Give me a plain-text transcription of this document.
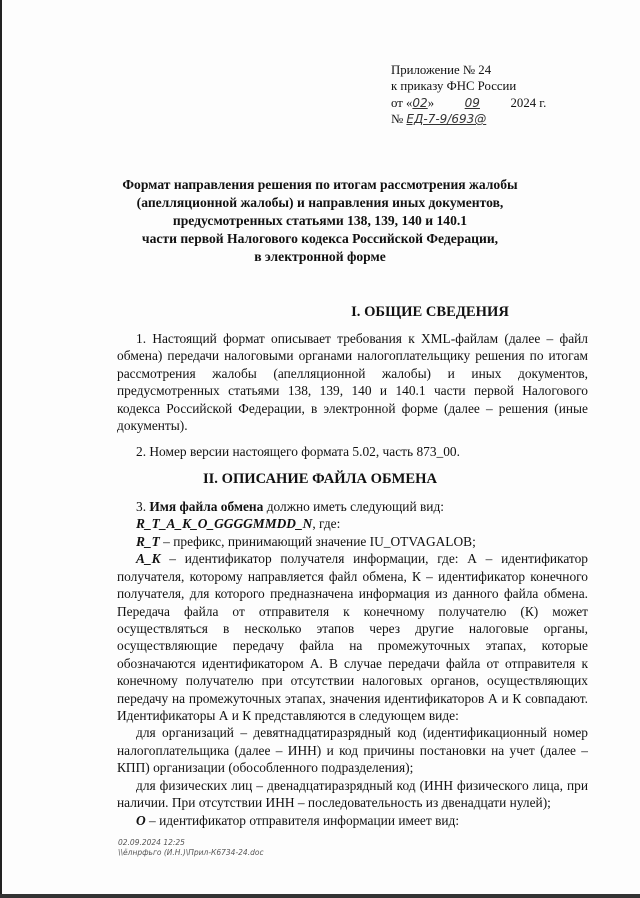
Приложение № 24
к приказу ФНС России
от «02»	09 2024 г.
№ ЕД-7-9/693@
Формат направления решения по итогам рассмотрения жалобы
(апелляционной жалобы) и направления иных документов,
предусмотренных статьями 138, 139, 140 и 140.1
части первой Налогового кодекса Российской Федерации,
в электронной форме
I. ОБЩИЕ СВЕДЕНИЯ

1. Настоящий формат описывает требования к XML-файлам (далее – файл обмена) передачи налоговыми органами налогоплательщику решения по итогам рассмотрения жалобы (апелляционной жалобы) и иных документов, предусмотренных статьями 138, 139, 140 и 140.1 части первой Налогового кодекса Российской Федерации, в электронной форме (далее – решения (иные документы).

2. Номер версии настоящего формата 5.02, часть 873_00.

II. ОПИСАНИЕ ФАЙЛА ОБМЕНА

3. Имя файла обмена должно иметь следующий вид:

R_T_A_K_O_GGGGMMDD_N, где:

R_T – префикс, принимающий значение IU_OTVAGALOB;

A_K – идентификатор получателя информации, где: А – идентификатор получателя, которому направляется файл обмена, К – идентификатор конечного получателя, для которого предназначена информация из данного файла обмена. Передача файла от отправителя к конечному получателю (К) может осуществляться в несколько этапов через другие налоговые органы, осуществляющие передачу файла на промежуточных этапах, которые обозначаются идентификатором А. В случае передачи файла от отправителя к конечному получателю при отсутствии налоговых органов, осуществляющих передачу на промежуточных этапах, значения идентификаторов А и К совпадают. Идентификаторы А и К представляются в следующем виде:

для организаций – девятнадцатиразрядный код (идентификационный номер налогоплательщика (далее – ИНН) и код причины постановки на учет (далее – КПП) организации (обособленного подразделения);

для физических лиц – двенадцатиразрядный код (ИНН физического лица, при наличии. При отсутствии ИНН – последовательность из двенадцати нулей);

O – идентификатор отправителя информации имеет вид:

02.09.2024 12:25
\\ёлнрфьго (И.Н.)\Прил-К6734-24.doc
